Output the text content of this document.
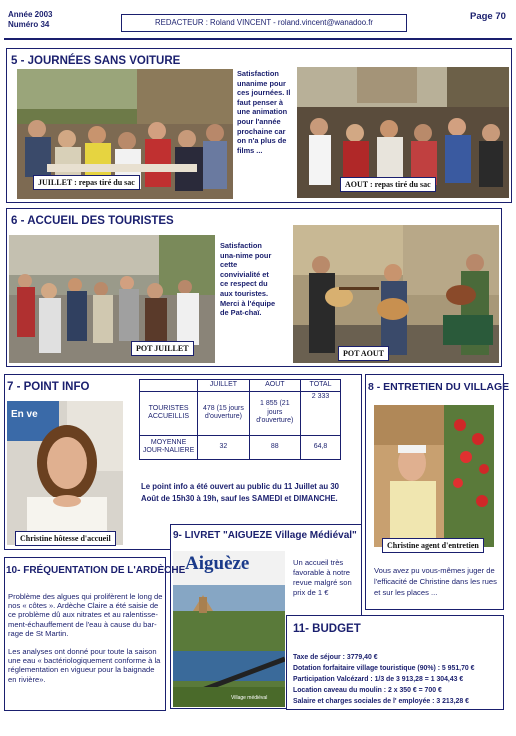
Année 2003
Numéro 34	REDACTEUR : Roland VINCENT - roland.vincent@wanadoo.fr
Page 70
5 - JOURNÉES SANS VOITURE
JUILLET : repas tiré du sac
Satisfaction unanime pour ces journées. Il faut penser à une animation pour l'année prochaine car on n'a plus de films ...
AOUT : repas tiré du sac
6 - ACCUEIL DES TOURISTES
POT JUILLET
Satisfaction una-nime pour cette convivialité et ce respect du aux touristes. Merci à l'équipe de Pat-chaï.
POT AOUT
7 - POINT INFO
En ve
Christine hôtesse d'accueil
	JUILLET	AOUT	TOTAL
TOURISTES ACCUEILLIS	478 (15 jours d'ouverture)	1 855 (21 jours d'ouverture)	2 333
MOYENNE JOUR-NALIERE	32	88	64,8
Le point info a été ouvert au public du 11 Juillet au 30 Août de 15h30 à 19h, sauf les SAMEDI et DIMANCHE.
8 - ENTRETIEN DU VILLAGE
Christine agent d'entretien
Vous avez pu vous-mêmes juger de l'efficacité de Christine dans les rues et sur les places ...
9- LIVRET "AIGUEZE Village Médiéval"
Aiguèze
Village médiéval
Un accueil très favorable à notre revue malgré son prix de 1 €
10- FRÉQUENTATION DE L'ARDÈCHE
Problème des algues qui prolifèrent le long de nos « côtes ». Ardèche Claire a été saisie de ce problème dû aux nitrates et au ralentisse-ment-échauffement de l'eau à cause du bar-rage de St Martin.
Les analyses ont donné pour toute la saison une eau « bactériologiquement conforme à la réglementation en vigueur pour la baignade en rivière».
11- BUDGET
Taxe de séjour : 3779,40 €
Dotation forfaitaire village touristique (90%) : 5 951,70 €
Participation Valcézard : 1/3 de 3 913,28 = 1 304,43 €
Location caveau du moulin : 2 x 350 € = 700 €
Salaire et charges sociales de l' employée : 3 213,28 €
